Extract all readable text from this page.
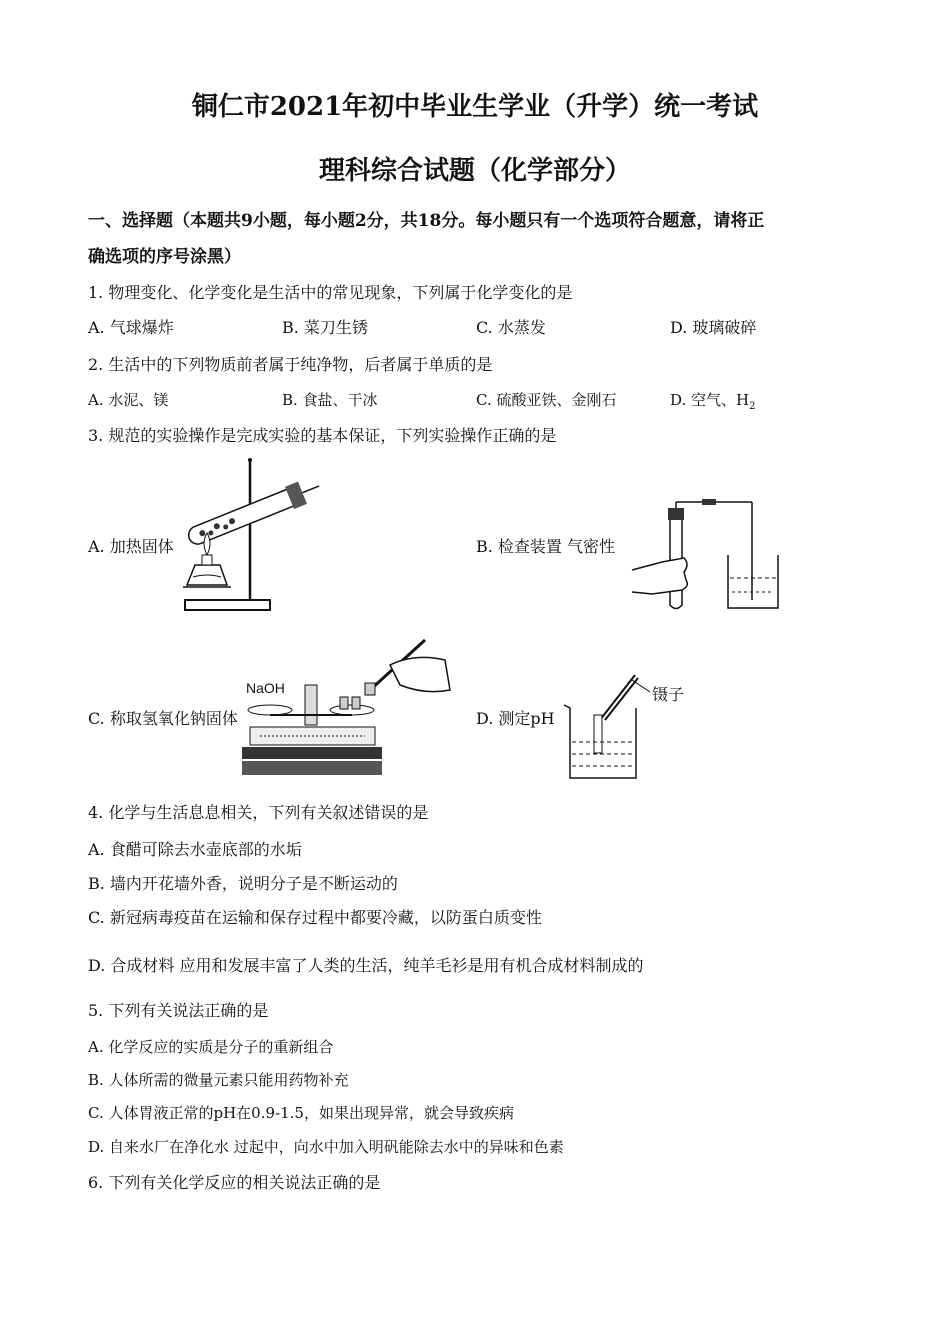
铜仁市2021年初中毕业生学业（升学）统一考试
理科综合试题（化学部分）
一、选择题（本题共9小题，每小题2分，共18分。每小题只有一个选项符合题意，请将正
确选项的序号涂黑）
1. 物理变化、化学变化是生活中的常见现象，下列属于化学变化的是
A. 气球爆炸	B. 菜刀生锈	C. 水蒸发	D. 玻璃破碎
2. 生活中的下列物质前者属于纯净物，后者属于单质的是
A. 水泥、镁	B. 食盐、干冰	C. 硫酸亚铁、金刚石	D. 空气、$H_2$
3. 规范的实验操作是完成实验的基本保证，下列实验操作正确的是
A. 加热固体	B. 检查装置 气密性
C. 称取氢氧化钠固体	D. 测定pH
NaOH	镊子
4. 化学与生活息息相关，下列有关叙述错误的是
A. 食醋可除去水壶底部的水垢
B. 墙内开花墙外香，说明分子是不断运动的
C. 新冠病毒疫苗在运输和保存过程中都要冷藏，以防蛋白质变性
D. 合成材料 应用和发展丰富了人类的生活，纯羊毛衫是用有机合成材料制成的
5. 下列有关说法正确的是
A. 化学反应的实质是分子的重新组合
B. 人体所需的微量元素只能用药物补充
C. 人体胃液正常的pH在0.9-1.5，如果出现异常，就会导致疾病
D. 自来水厂在净化水 过起中，向水中加入明矾能除去水中的异味和色素
6. 下列有关化学反应的相关说法正确的是
